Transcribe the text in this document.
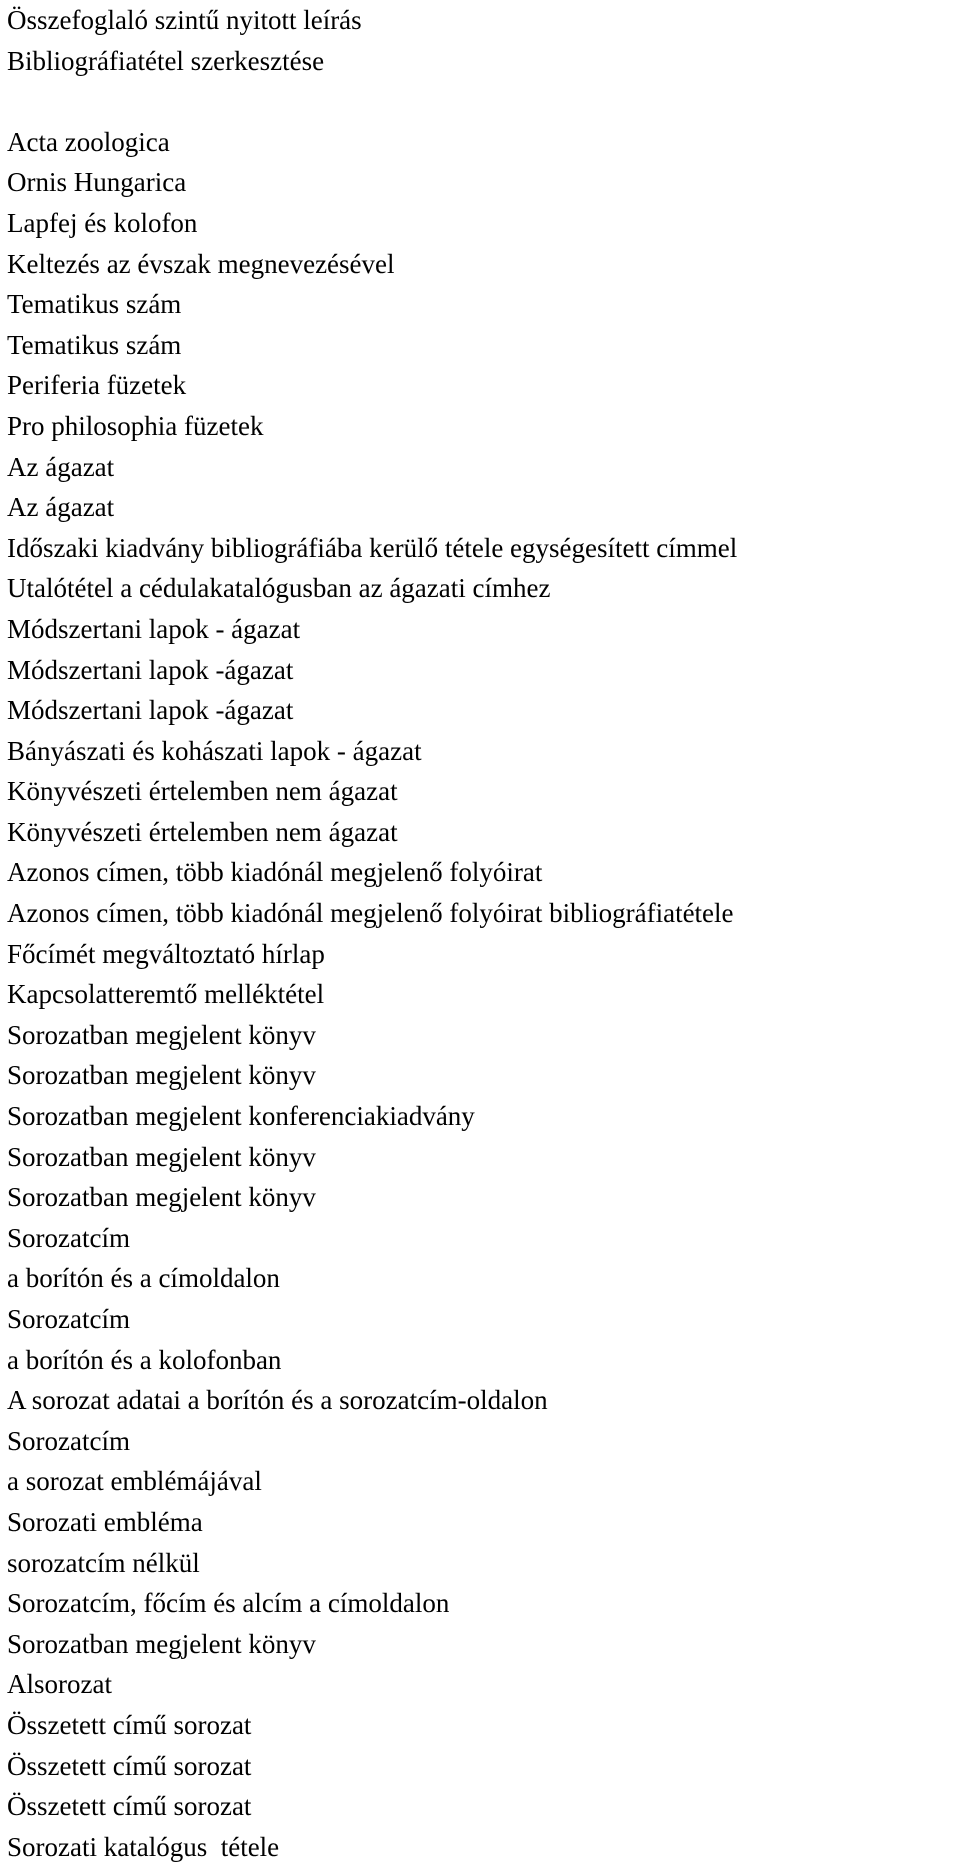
Összefoglaló szintű nyitott leírás
Bibliográfiatétel szerkesztése
Acta zoologica
Ornis Hungarica
Lapfej és kolofon
Keltezés az évszak megnevezésével
Tematikus szám
Tematikus szám
Periferia füzetek
Pro philosophia füzetek
Az ágazat
Az ágazat
Időszaki kiadvány bibliográfiába kerülő tétele egységesített címmel
Utalótétel a cédulakatalógusban az ágazati címhez
Módszertani lapok - ágazat
Módszertani lapok -ágazat
Módszertani lapok -ágazat
Bányászati és kohászati lapok - ágazat
Könyvészeti értelemben nem ágazat
Könyvészeti értelemben nem ágazat
Azonos címen, több kiadónál megjelenő folyóirat
Azonos címen, több kiadónál megjelenő folyóirat bibliográfiatétele
Főcímét megváltoztató hírlap
Kapcsolatteremtő melléktétel
Sorozatban megjelent könyv
Sorozatban megjelent könyv
Sorozatban megjelent konferenciakiadvány
Sorozatban megjelent könyv
Sorozatban megjelent könyv
Sorozatcím
a borítón és a címoldalon
Sorozatcím
a borítón és a kolofonban
A sorozat adatai a borítón és a sorozatcím-oldalon
Sorozatcím
a sorozat emblémájával
Sorozati embléma
sorozatcím nélkül
Sorozatcím, főcím és alcím a címoldalon
Sorozatban megjelent könyv
Alsorozat
Összetett című sorozat
Összetett című sorozat
Összetett című sorozat
Sorozati katalógus  tétele
